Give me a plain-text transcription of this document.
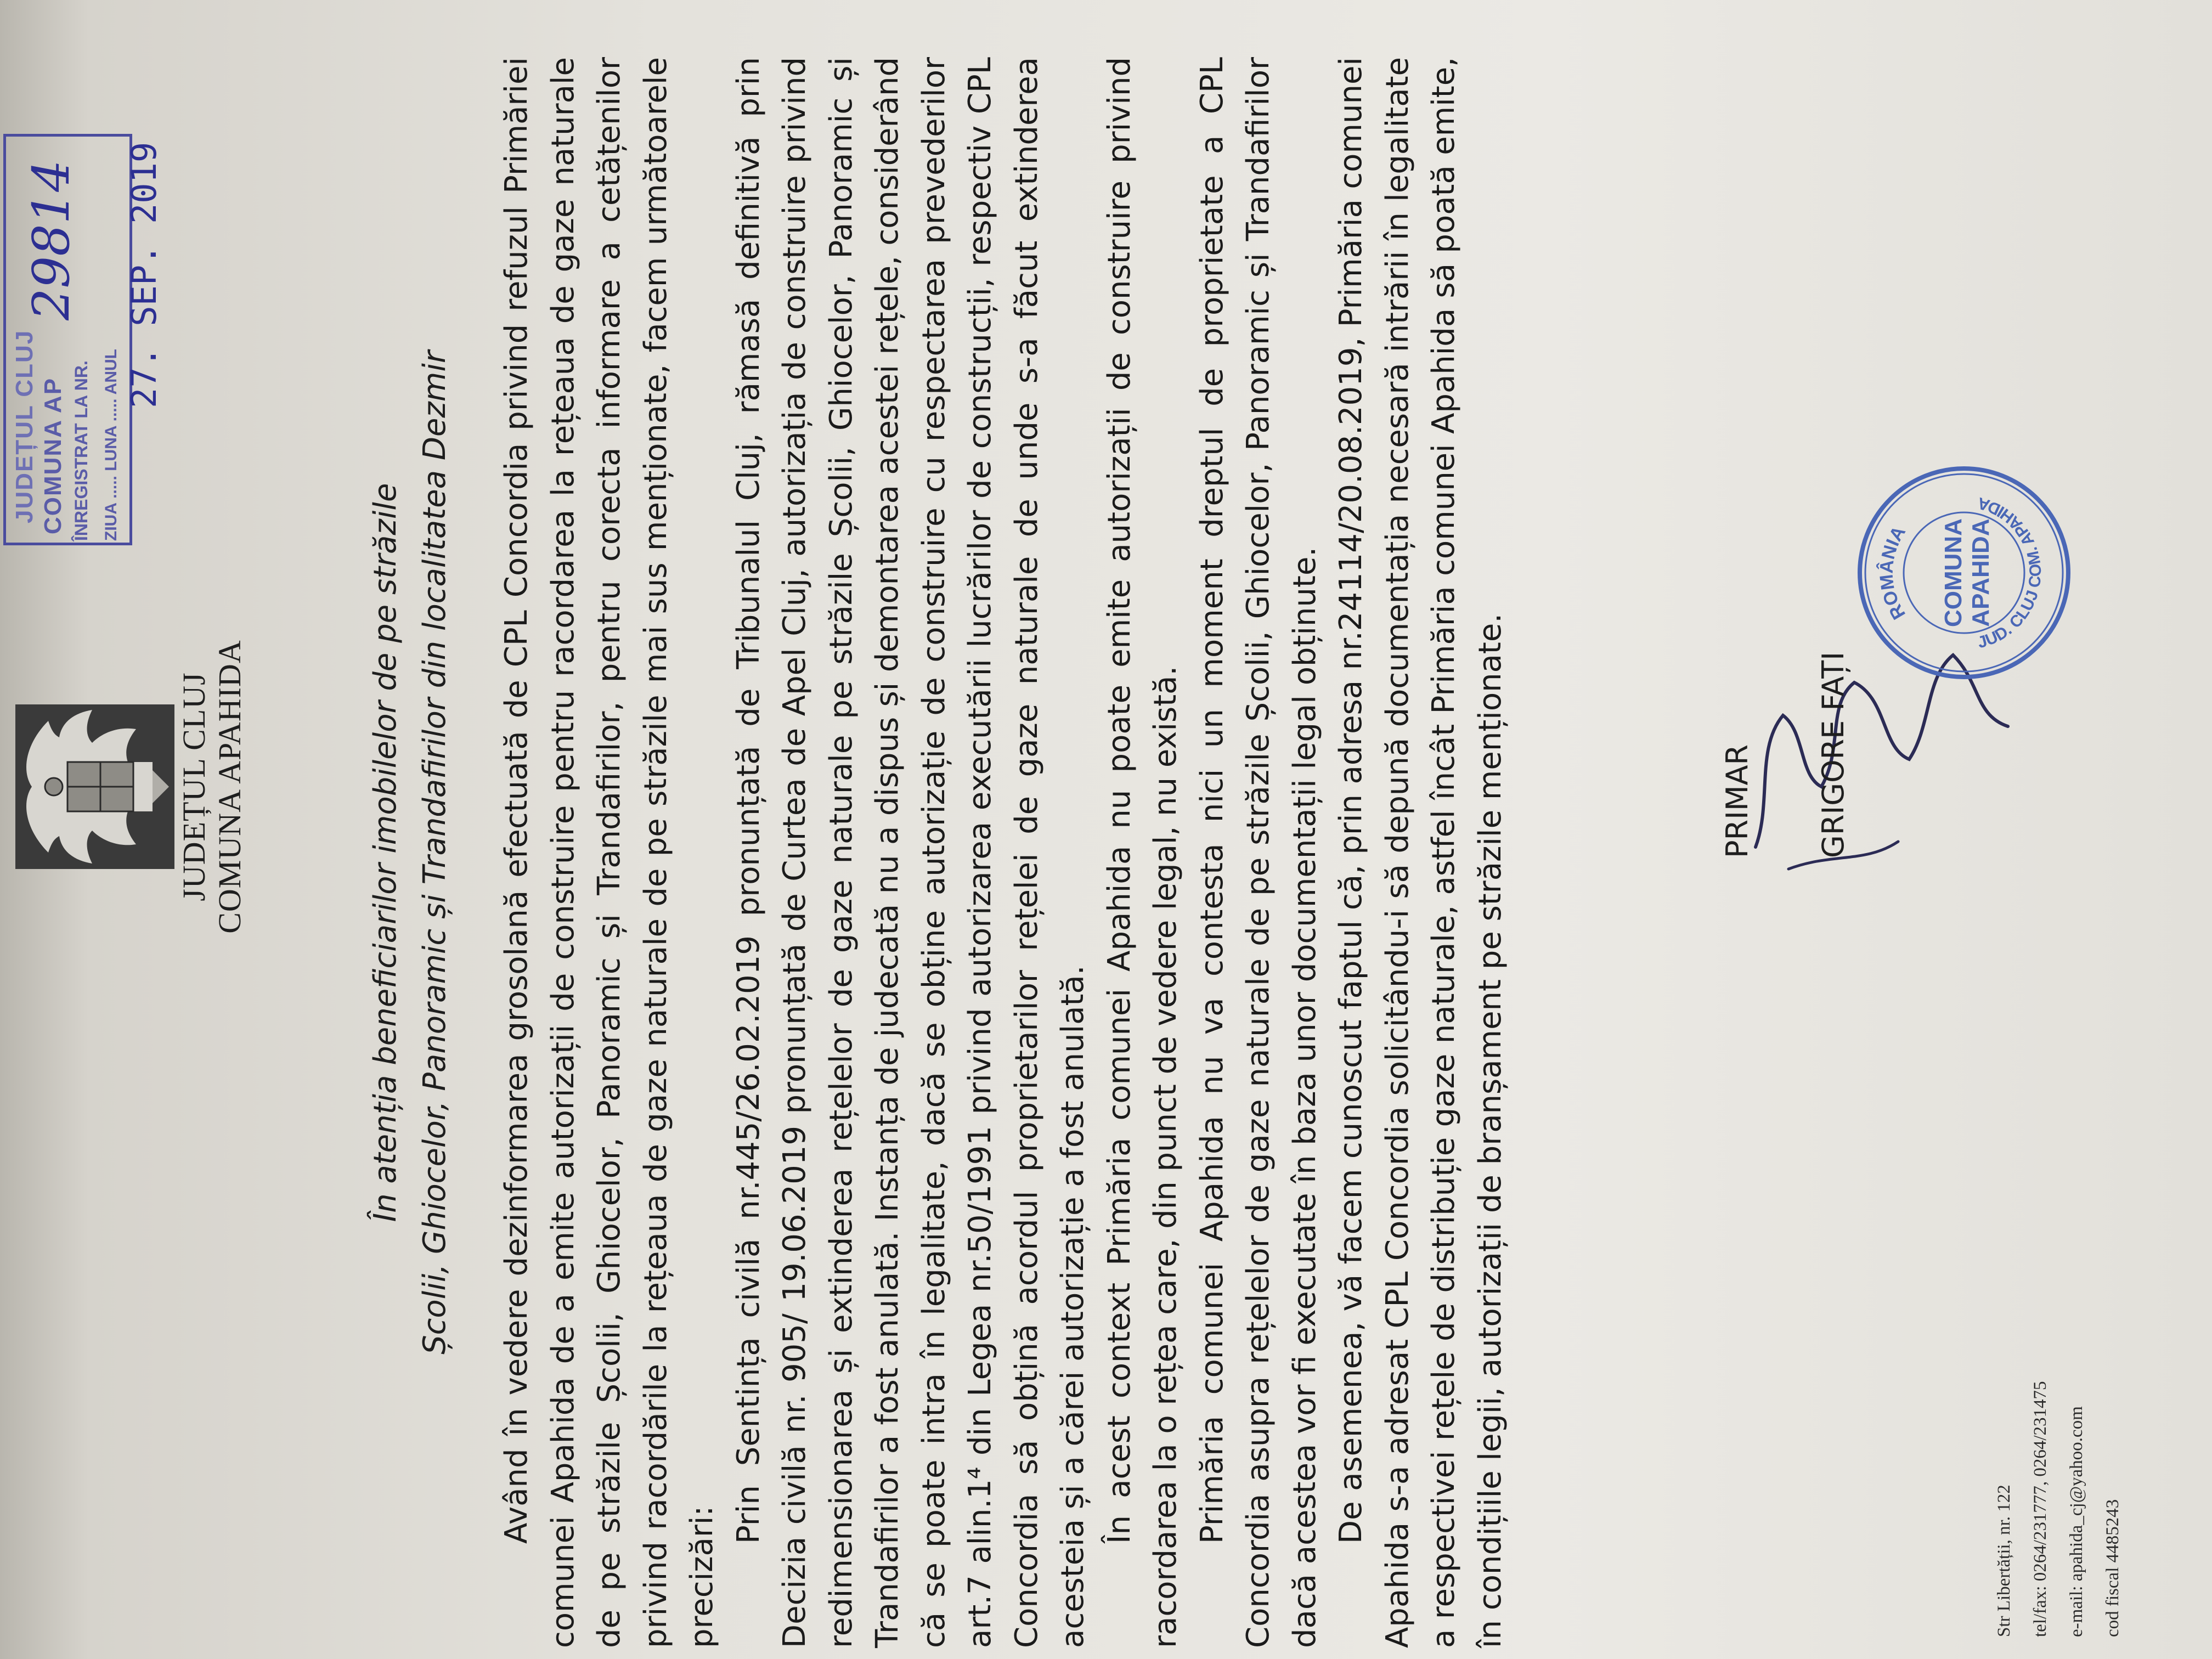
JUDEȚUL CLUJ COMUNA APAHIDA
JUDEȚUL CLUJ COMUNA AP ÎNREGISTRAT LA NR. ZIUA ..... LUNA ..... ANUL
29814 27. SEP. 2019
În atenția beneficiarilor imobilelor de pe străzile Școlii, Ghiocelor, Panoramic și Trandafirilor din localitatea Dezmir Având în vedere dezinformarea grosolană efectuată de CPL Concordia privind refuzul Primăriei comunei Apahida de a emite autorizații de construire pentru racordarea la rețeaua de gaze naturale de pe străzile Școlii, Ghiocelor, Panoramic și Trandafirilor, pentru corecta informare a cetățenilor privind racordările la rețeaua de gaze naturale de pe străzile mai sus menționate, facem următoarele precizări:

Prin Sentința civilă nr.445/26.02.2019 pronunțată de Tribunalul Cluj, rămasă definitivă prin Decizia civilă nr. 905/ 19.06.2019 pronunțată de Curtea de Apel Cluj, autorizația de construire privind redimensionarea și extinderea rețelelor de gaze naturale pe străzile Școlii, Ghiocelor, Panoramic și Trandafirilor a fost anulată. Instanța de judecată nu a dispus și demontarea acestei rețele, considerând că se poate intra în legalitate, dacă se obține autorizație de construire cu respectarea prevederilor art.7 alin.1⁴ din Legea nr.50/1991 privind autorizarea executării lucrărilor de construcții, respectiv CPL Concordia să obțină acordul proprietarilor rețelei de gaze naturale de unde s-a făcut extinderea acesteia și a cărei autorizație a fost anulată. În acest context Primăria comunei Apahida nu poate emite autorizații de construire privind racordarea la o rețea care, din punct de vedere legal, nu există. Primăria comunei Apahida nu va contesta nici un moment dreptul de proprietate a CPL Concordia asupra rețelelor de gaze naturale de pe străzile Școlii, Ghiocelor, Panoramic și Trandafirilor dacă acestea vor fi executate în baza unor documentații legal obținute. De asemenea, vă facem cunoscut faptul că, prin adresa nr.24114/20.08.2019, Primăria comunei Apahida s-a adresat CPL Concordia solicitându-i să depună documentația necesară intrării în legalitate a respectivei rețele de distribuție gaze naturale, astfel încât Primăria comunei Apahida să poată emite, în condițiile legii, autorizații de branșament pe străzile menționate.	PRIMAR GRIGORE FAȚI
ROMÂNIA
JUD. CLUJ COM. APAHIDA
COMUNA APAHIDA
Str Libertății, nr. 122 tel/fax: 0264/231777, 0264/231475 e-mail: apahida_cj@yahoo.com cod fiscal 4485243
